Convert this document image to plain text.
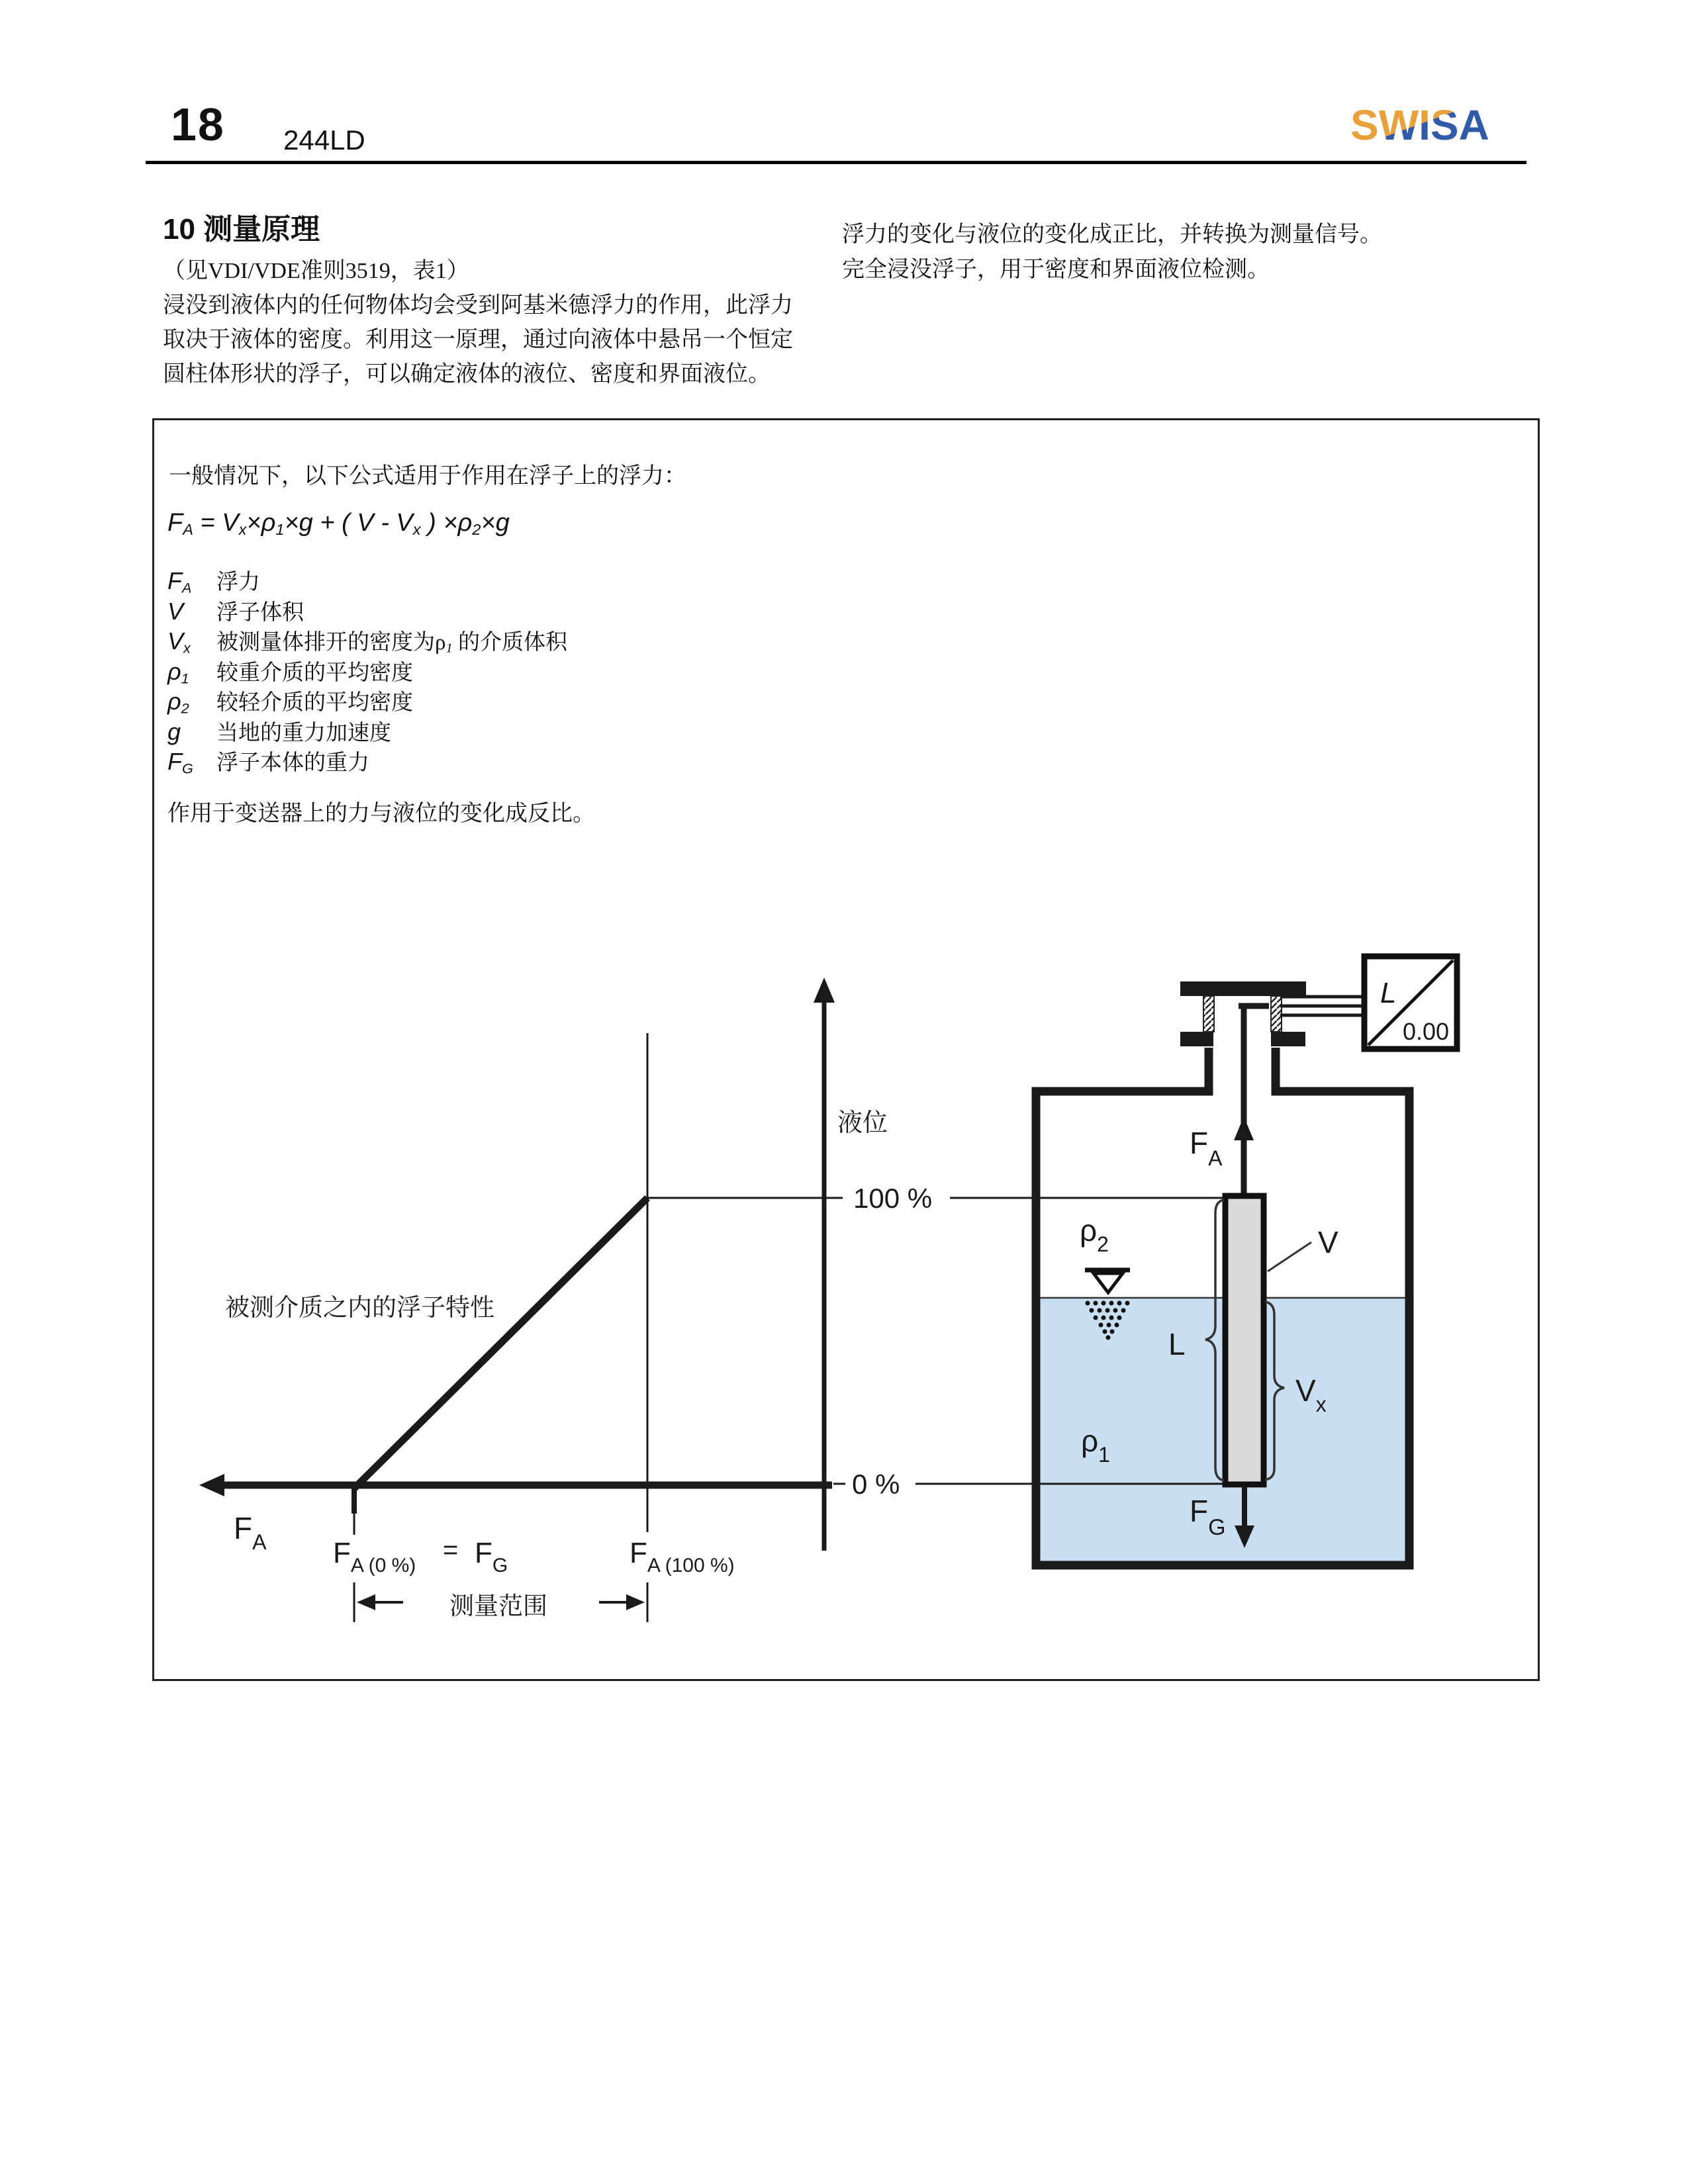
18 244LD	SWISA
10 测量原理
（见VDI/VDE准则3519，表1）
浸没到液体内的任何物体均会受到阿基米德浮力的作用，此浮力
取决于液体的密度。利用这一原理，通过向液体中悬吊一个恒定
圆柱体形状的浮子，可以确定液体的液位、密度和界面液位。
浮力的变化与液位的变化成正比，并转换为测量信号。
完全浸没浮子，用于密度和界面液位检测。
一般情况下，以下公式适用于作用在浮子上的浮力：
$F_A = V_x\times\rho_1\times g$ + ( V - $V_x$ ) $\times\rho_2\times g$
$F_A$	浮力
V	浮子体积
$V_x$	被测量体排开的密度为$\rho_1$ 的介质体积
$\rho_1$	较重介质的平均密度
$\rho_2$	较轻介质的平均密度
g	当地的重力加速度
$F_G$	浮子本体的重力
作用于变送器上的力与液位的变化成反比。
液位
100 %
0 %
被测介质之内的浮子特性
$F_A$ $F_{A (0 \%)}$
= $F_G$	$F_{A (100 \%)}$
测量范围
$F_A$
L
$V_x$
V
$\rho_2$
$\rho_1$
$F_G$
L
0.00
